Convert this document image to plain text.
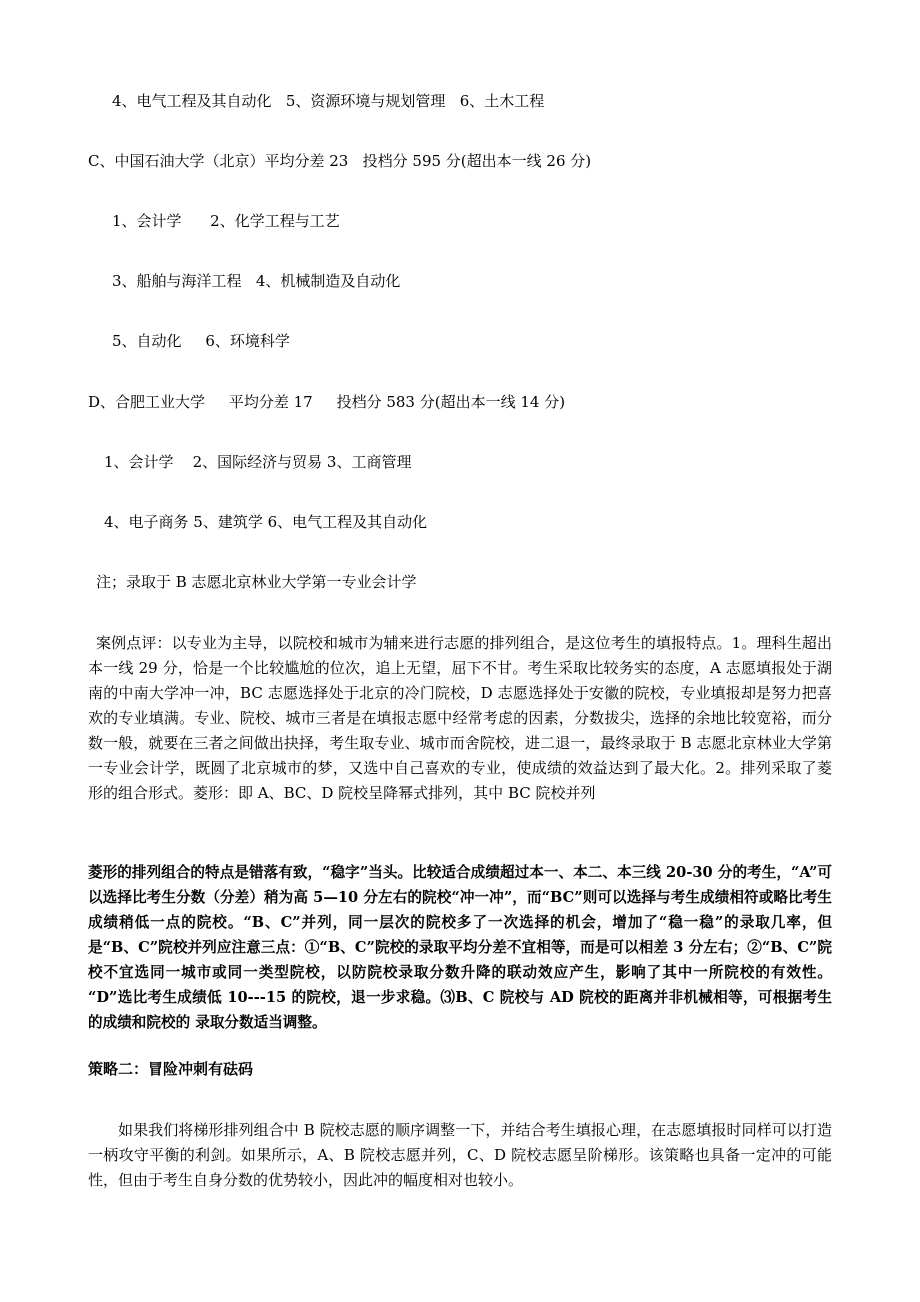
4、电气工程及其自动化   5、资源环境与规划管理   6、土木工程
C、中国石油大学（北京）平均分差 23   投档分 595 分(超出本一线 26 分)
1、会计学      2、化学工程与工艺
3、船舶与海洋工程   4、机械制造及自动化
5、自动化     6、环境科学
D、合肥工业大学     平均分差 17     投档分 583 分(超出本一线 14 分)
1、会计学    2、国际经济与贸易 3、工商管理
4、电子商务 5、建筑学 6、电气工程及其自动化
注；录取于 B 志愿北京林业大学第一专业会计学
案例点评：以专业为主导，以院校和城市为辅来进行志愿的排列组合，是这位考生的填报特点。1。理科生超出本一线 29 分，恰是一个比较尴尬的位次，追上无望，屈下不甘。考生采取比较务实的态度，A 志愿填报处于湖南的中南大学冲一冲，BC 志愿选择处于北京的冷门院校，D 志愿选择处于安徽的院校，专业填报却是努力把喜欢的专业填满。专业、院校、城市三者是在填报志愿中经常考虑的因素，分数拔尖，选择的余地比较宽裕，而分数一般，就要在三者之间做出抉择，考生取专业、城市而舍院校，进二退一，最终录取于 B 志愿北京林业大学第一专业会计学，既圆了北京城市的梦，又选中自己喜欢的专业，使成绩的效益达到了最大化。2。排列采取了菱形的组合形式。菱形：即 A、BC、D 院校呈降幂式排列，其中 BC 院校并列
菱形的排列组合的特点是错落有致，“稳字”当头。比较适合成绩超过本一、本二、本三线 20-30 分的考生，“A”可以选择比考生分数（分差）稍为高 5—10 分左右的院校“冲一冲”，而“BC”则可以选择与考生成绩相符或略比考生成绩稍低一点的院校。“B、C”并列，同一层次的院校多了一次选择的机会，增加了“稳一稳”的录取几率，但是“B、C”院校并列应注意三点：①“B、C”院校的录取平均分差不宜相等，而是可以相差 3 分左右；②“B、C”院校不宜选同一城市或同一类型院校，以防院校录取分数升降的联动效应产生，影响了其中一所院校的有效性。 “D”选比考生成绩低 10---15 的院校，退一步求稳。⑶B、C 院校与 AD 院校的距离并非机械相等，可根据考生的成绩和院校的 录取分数适当调整。
策略二：冒险冲刺有砝码
如果我们将梯形排列组合中 B 院校志愿的顺序调整一下，并结合考生填报心理，在志愿填报时同样可以打造一柄攻守平衡的利剑。如果所示，A、B 院校志愿并列，C、D 院校志愿呈阶梯形。该策略也具备一定冲的可能性，但由于考生自身分数的优势较小，因此冲的幅度相对也较小。
